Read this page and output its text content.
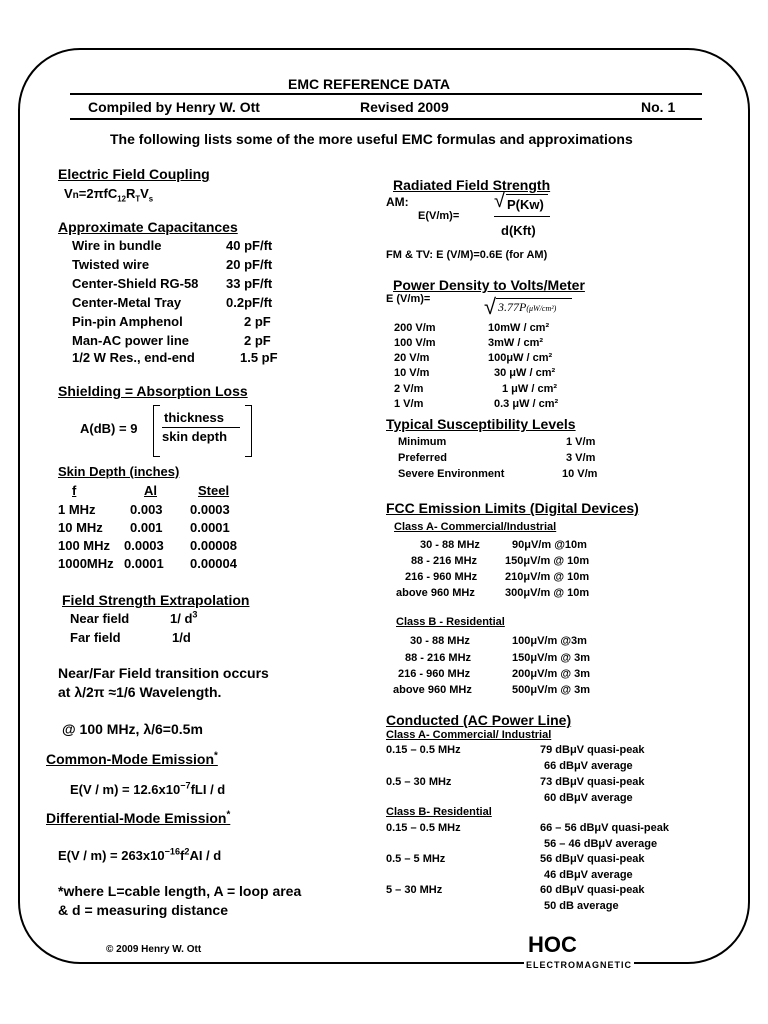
EMC REFERENCE DATA
Compiled by Henry W. Ott	Revised 2009	No. 1
The following lists some of the more useful EMC formulas and approximations
Electric Field Coupling
$Vn=2\pi fC_{12}R_TV_s$
Approximate Capacitances
Wire in bundle	40 pF/ft
Twisted wire	20 pF/ft
Center-Shield RG-58 33 pF/ft
Center-Metal Tray	0.2pF/ft
Pin-pin Amphenol	2 pF
Man-AC power line	2 pF
1/2 W Res., end-end	1.5 pF
Shielding = Absorption Loss
A(dB) = 9
thickness
skin depth
Skin Depth (inches)
f	Al	Steel
1 MHz	0.003 0.0003
10 MHz 0.001 0.0001
100 MHz 0.0003 0.00008
1000MHz 0.0001 0.00004
Field Strength Extrapolation
Near field	1/ $d^3$
Far field	1/d
Near/Far Field transition occurs
at λ/2π ≈1/6 Wavelength.
@ 100 MHz, λ/6=0.5m
Common-Mode Emission*
$E(V / m) = 12.6x10^{-7}fLI / d$
Differential-Mode Emission*
$E(V / m) = 263x10^{-16}f^2AI / d$
*where L=cable length, A = loop area
& d = measuring distance
Radiated Field Strength
AM:
E(V/m)=
√ P(Kw)
d(Kft)
FM & TV: E (V/M)=0.6E (for AM)
Power Density to Volts/Meter
E (V/m)= √ 3.77P(μW/cm²)
200 V/m	10mW / cm²
100 V/m	3mW / cm²
20 V/m	100μW / cm²
10 V/m	30 μW / cm²
2 V/m	1 μW / cm²
1 V/m	0.3 μW / cm²
Typical Susceptibility Levels
Minimum	1 V/m
Preferred	3 V/m
Severe Environment	10 V/m
FCC Emission Limits (Digital Devices)
Class A- Commercial/Industrial
30 - 88 MHz	90μV/m @10m
88 - 216 MHz	150μV/m @ 10m
216 - 960 MHz	210μV/m @ 10m
above 960 MHz	300μV/m @ 10m
Class B - Residential
30 - 88 MHz	100μV/m @3m
88 - 216 MHz	150μV/m @ 3m
216 - 960 MHz	200μV/m @ 3m
above 960 MHz	500μV/m @ 3m
Conducted (AC Power Line)
Class A- Commercial/ Industrial
0.15 – 0.5 MHz	79 dBμV quasi-peak
66 dBμV average
0.5 – 30 MHz	73 dBμV quasi-peak
60 dBμV average
Class B- Residential
0.15 – 0.5 MHz	66 – 56 dBμV quasi-peak
56 – 46 dBμV average
0.5 – 5 MHz	56 dBμV quasi-peak
46 dBμV average
5 – 30 MHz	60 dBμV quasi-peak
50 dB average
© 2009 Henry W. Ott	HOC
ELECTROMAGNETIC
